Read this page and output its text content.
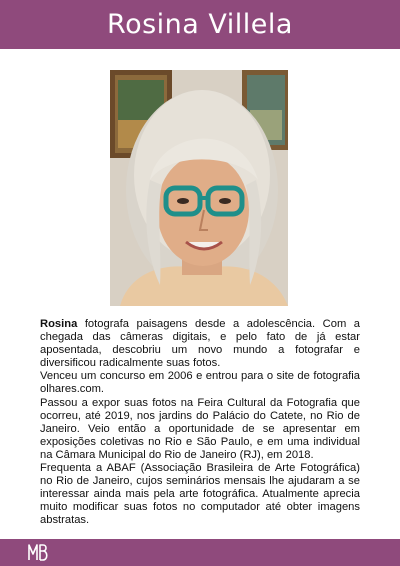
Rosina Villela

Rosina fotografa paisagens desde a adolescência. Com a chegada das câmeras digitais, e pelo fato de já estar aposentada, descobriu um novo mundo a fotografar e diversificou radicalmente suas fotos.

Venceu um concurso em 2006 e entrou para o site de fotografia olhares.com.

Passou a expor suas fotos na Feira Cultural da Fotografia que ocorreu, até 2019, nos jardins do Palácio do Catete, no Rio de Janeiro. Veio então a oportunidade de se apresentar em exposições coletivas no Rio e São Paulo, e em uma individual na Câmara Municipal do Rio de Janeiro (RJ), em 2018.

Frequenta a ABAF (Associação Brasileira de Arte Fotográfica) no Rio de Janeiro, cujos seminários mensais lhe ajudaram a se interessar ainda mais pela arte fotográfica. Atualmente aprecia muito modificar suas fotos no computador até obter imagens abstratas.
